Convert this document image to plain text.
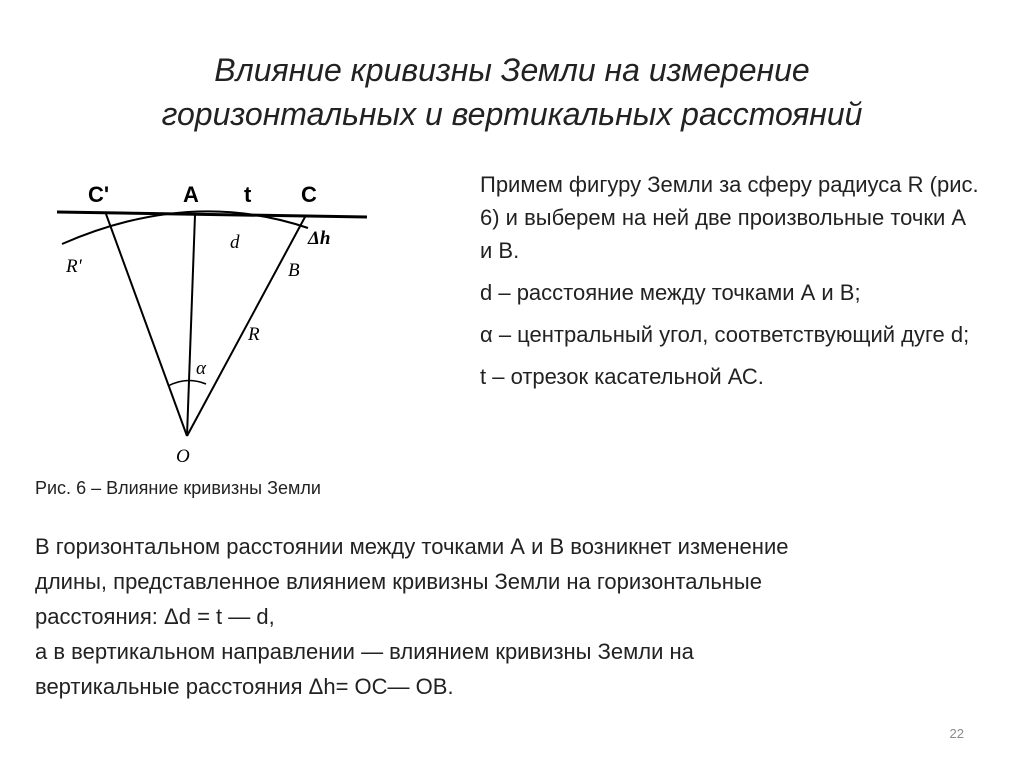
Влияние кривизны Земли на измерение
горизонтальных и вертикальных расстояний
C'	A t C
d	Δh
R'	B
R
α
O
Рис. 6 – Влияние кривизны Земли

Примем фигуру Земли за сферу радиуса R (рис. 6) и выберем на ней две произвольные точки А и В.

d – расстояние между точками А и В;

α – центральный угол, соответствующий дуге d;

t – отрезок касательной АС.

В горизонтальном расстоянии между точками А и В возникнет изменение
длины, представленное влиянием кривизны Земли на горизонтальные
расстояния: Δd = t — d,
а в вертикальном направлении — влиянием кривизны Земли на
вертикальные расстояния Δh= ОС— ОВ.
22
